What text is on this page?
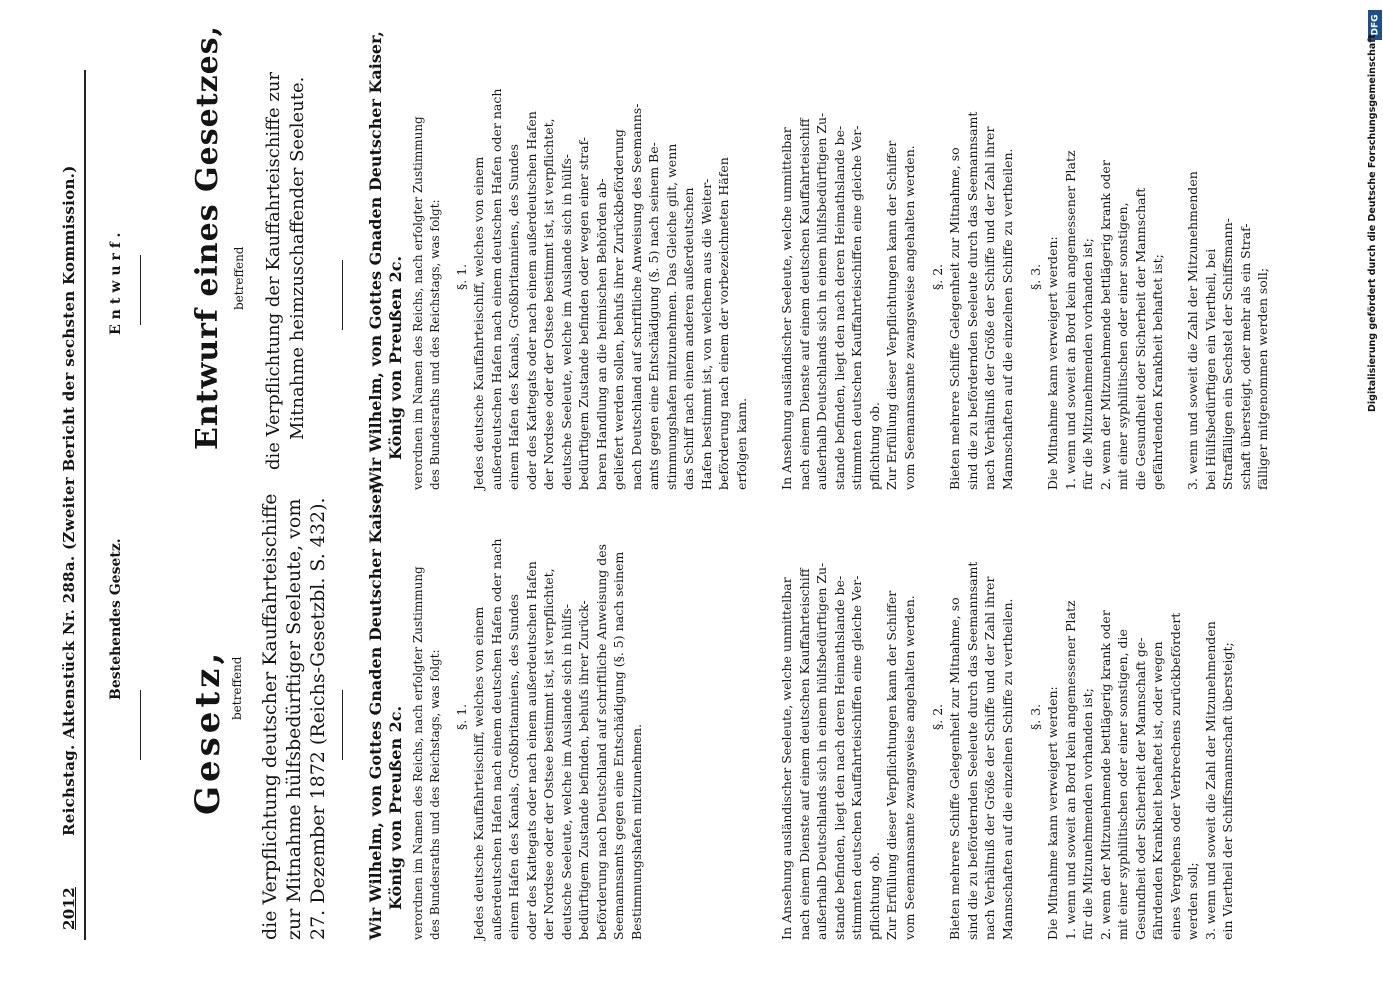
2012  Reichstag. Aktenstück Nr. 288a. (Zweiter Bericht der sechsten Kommission.) Bestehendes Gesetz.
Gesetz, betreffend die Verpflichtung deutscher Kauffahrteischiffe zur Mitnahme hülfsbedürftiger Seeleute, vom 27. Dezember 1872 (Reichs-Gesetzbl. S. 432). Wir Wilhelm, von Gottes Gnaden Deutscher Kaiser, König von Preußen 2c. verordnen im Namen des Reichs, nach erfolgter Zustimmung des Bundesraths und des Reichstags, was folgt: §. 1. Jedes deutsche Kauffahrteischiff, welches von einem außerdeutschen Hafen nach einem deutschen Hafen oder nach einem Hafen des Kanals, Großbritanniens, des Sundes oder des Kattegats oder nach einem außerdeutschen Hafen der Nordsee oder der Ostsee bestimmt ist, ist verpflichtet, deutsche Seeleute, welche im Auslande sich in hülfs- bedürftigem Zustande befinden, behufs ihrer Zurück- beförderung nach Deutschland auf schriftliche Anweisung des Seemannsamts gegen eine Entschädigung (§. 5) nach seinem Bestimmungshafen mitzunehmen.	In Ansehung ausländischer Seeleute, welche unmittelbar nach einem Dienste auf einem deutschen Kauffahrteischiff außerhalb Deutschlands sich in einem hülfsbedürftigen Zu- stande befinden, liegt den nach deren Heimathslande be- stimmten deutschen Kauffahrteischiffen eine gleiche Ver- pflichtung ob. Zur Erfüllung dieser Verpflichtungen kann der Schiffer vom Seemannsamte zwangsweise angehalten werden. §. 2. Bieten mehrere Schiffe Gelegenheit zur Mitnahme, so sind die zu befördernden Seeleute durch das Seemannsamt nach Verhältniß der Größe der Schiffe und der Zahl ihrer Mannschaften auf die einzelnen Schiffe zu vertheilen. §. 3. Die Mitnahme kann verweigert werden: 1. wenn und soweit an Bord kein angemessener Platz für die Mitzunehmenden vorhanden ist; 2. wenn der Mitzunehmende bettlägerig krank oder mit einer syphilitischen oder einer sonstigen, die Gesundheit oder Sicherheit der Mannschaft ge- fährdenden Krankheit behaftet ist, oder wegen eines Vergehens oder Verbrechens zurückbefördert werden soll; 3. wenn und soweit die Zahl der Mitzunehmenden ein Viertheil der Schiffsmannschaft übersteigt;

Entwurf. Entwurf eines Gesetzes, betreffend die Verpflichtung der Kauffahrteischiffe zur Mitnahme heimzuschaffender Seeleute.	Wir Wilhelm, von Gottes Gnaden Deutscher Kaiser, König von Preußen 2c. verordnen im Namen des Reichs, nach erfolgter Zustimmung des Bundesraths und des Reichstags, was folgt: §. 1. Jedes deutsche Kauffahrteischiff, welches von einem außerdeutschen Hafen nach einem deutschen Hafen oder nach einem Hafen des Kanals, Großbritanniens, des Sundes oder des Kattegats oder nach einem außerdeutschen Hafen der Nordsee oder der Ostsee bestimmt ist, ist verpflichtet, deutsche Seeleute, welche im Auslande sich in hülfs- bedürftigem Zustande befinden oder wegen einer straf- baren Handlung an die heimischen Behörden ab- geliefert werden sollen, behufs ihrer Zurückbeförderung nach Deutschland auf schriftliche Anweisung des Seemanns- amts gegen eine Entschädigung (§. 5) nach seinem Be- stimmungshafen mitzunehmen. Das Gleiche gilt, wenn das Schiff nach einem anderen außerdeutschen Hafen bestimmt ist, von welchem aus die Weiter- beförderung nach einem der vorbezeichneten Häfen erfolgen kann. In Ansehung ausländischer Seeleute, welche unmittelbar nach einem Dienste auf einem deutschen Kauffahrteischiff außerhalb Deutschlands sich in einem hülfsbedürftigen Zu- stande befinden, liegt den nach deren Heimathslande be- stimmten deutschen Kauffahrteischiffen eine gleiche Ver- pflichtung ob. Zur Erfüllung dieser Verpflichtungen kann der Schiffer vom Seemannsamte zwangsweise angehalten werden. §. 2. Bieten mehrere Schiffe Gelegenheit zur Mitnahme, so sind die zu befördernden Seeleute durch das Seemannsamt nach Verhältniß der Größe der Schiffe und der Zahl ihrer Mannschaften auf die einzelnen Schiffe zu vertheilen. §. 3. Die Mitnahme kann verweigert werden: 1. wenn und soweit an Bord kein angemessener Platz für die Mitzunehmenden vorhanden ist; 2. wenn der Mitzunehmende bettlägerig krank oder mit einer syphilitischen oder einer sonstigen, die Gesundheit oder Sicherheit der Mannschaft gefährdenden Krankheit behaftet ist;

3. wenn und soweit die Zahl der Mitzunehmenden bei Hülfsbedürftigen ein Viertheil, bei Straffälligen ein Sechstel der Schiffsmann- schaft übersteigt, oder mehr als ein Straf- fälliger mitgenommen werden soll;

DFG
Digitalisierung gefördert durch die Deutsche Forschungsgemeinschaft
